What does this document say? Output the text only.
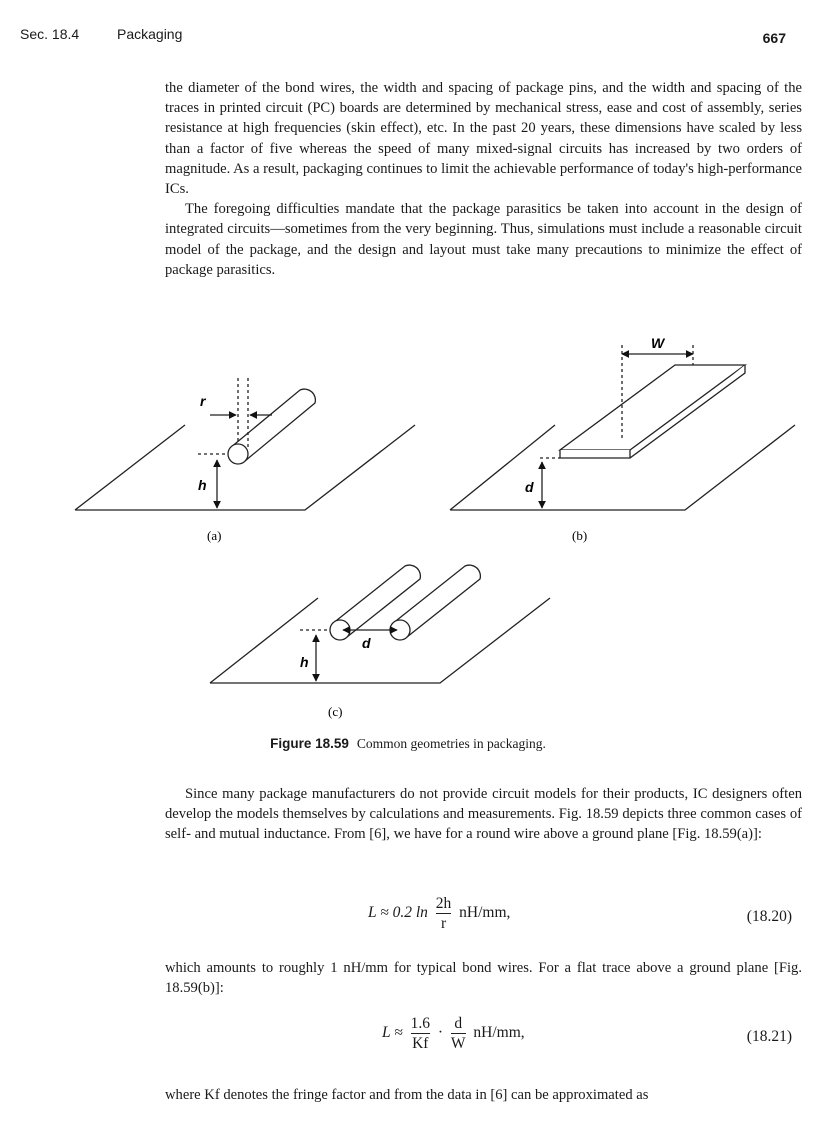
Sec. 18.4	Packaging	667

the diameter of the bond wires, the width and spacing of package pins, and the width and spacing of the traces in printed circuit (PC) boards are determined by mechanical stress, ease and cost of assembly, series resistance at high frequencies (skin effect), etc. In the past 20 years, these dimensions have scaled by less than a factor of five whereas the speed of many mixed-signal circuits has increased by two orders of magnitude. As a result, packaging continues to limit the achievable performance of today's high-performance ICs.

The foregoing difficulties mandate that the package parasitics be taken into account in the design of integrated circuits—sometimes from the very beginning. Thus, simulations must include a reasonable circuit model of the package, and the design and layout must take many precautions to minimize the effect of package parasitics.

r
h
(a)
W
d
(b)
d
h
(c)
Figure 18.59 Common geometries in packaging.

Since many package manufacturers do not provide circuit models for their products, IC designers often develop the models themselves by calculations and measurements. Fig. 18.59 depicts three common cases of self- and mutual inductance. From [6], we have for a round wire above a ground plane [Fig. 18.59(a)]:

L ≈ 0.2 $\ln \frac{2h}{r} nH/mm$,	(18.20)
which amounts to roughly 1 nH/mm for typical bond wires. For a flat trace above a ground plane [Fig. 18.59(b)]:
$L \approx \frac{1.6}{Kf} \cdot \frac{d}{W} nH/mm$,	(18.21)
where Kf denotes the fringe factor and from the data in [6] can be approximated as
